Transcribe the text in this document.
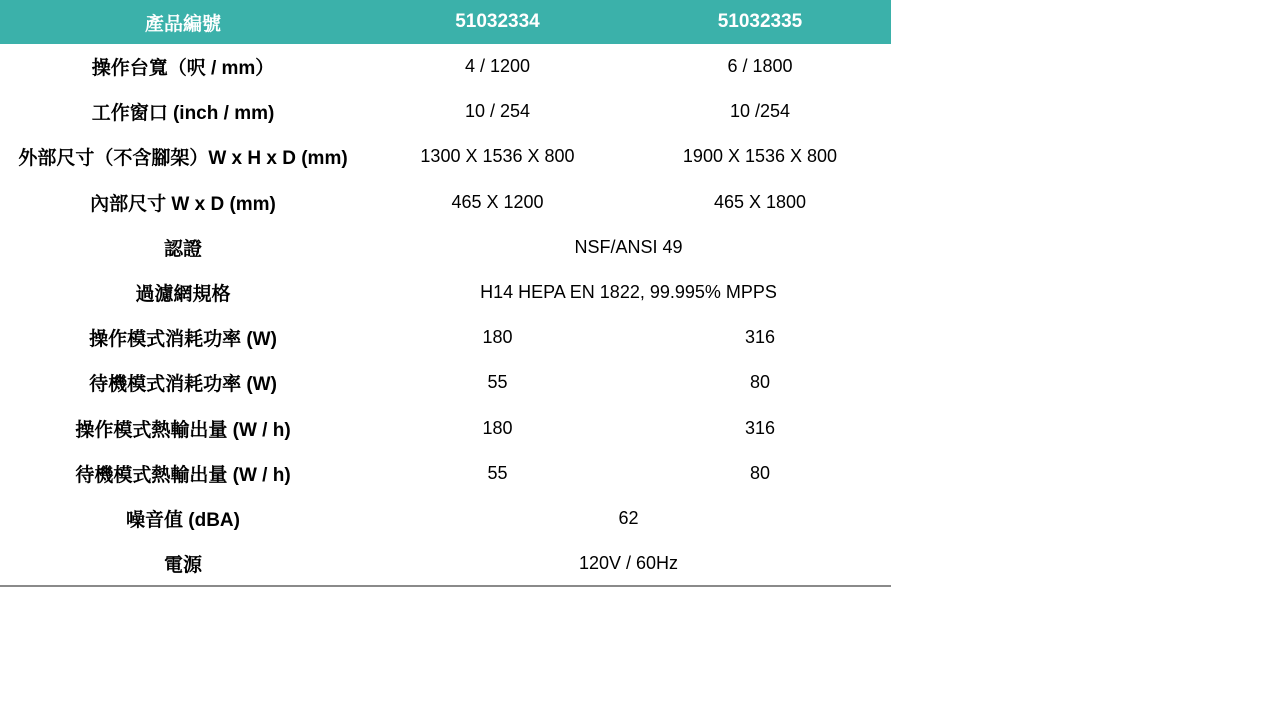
產品編號	51032334	51032335
操作台寬（呎 / mm）	4 / 1200	6 / 1800
工作窗口 (inch / mm)	10 / 254	10 /254
外部尺寸（不含腳架）W x H x D (mm)	1300 X 1536 X 800	1900 X 1536 X 800
內部尺寸 W x D (mm)	465 X 1200	465 X 1800
認證	NSF/ANSI 49	
過濾網規格	H14 HEPA EN 1822, 99.995% MPPS	
操作模式消耗功率 (W)	180	316
待機模式消耗功率 (W)	55	80
操作模式熱輸出量 (W / h)	180	316
待機模式熱輸出量 (W / h)	55	80
噪音值 (dBA)	62	
電源	120V / 60Hz	
